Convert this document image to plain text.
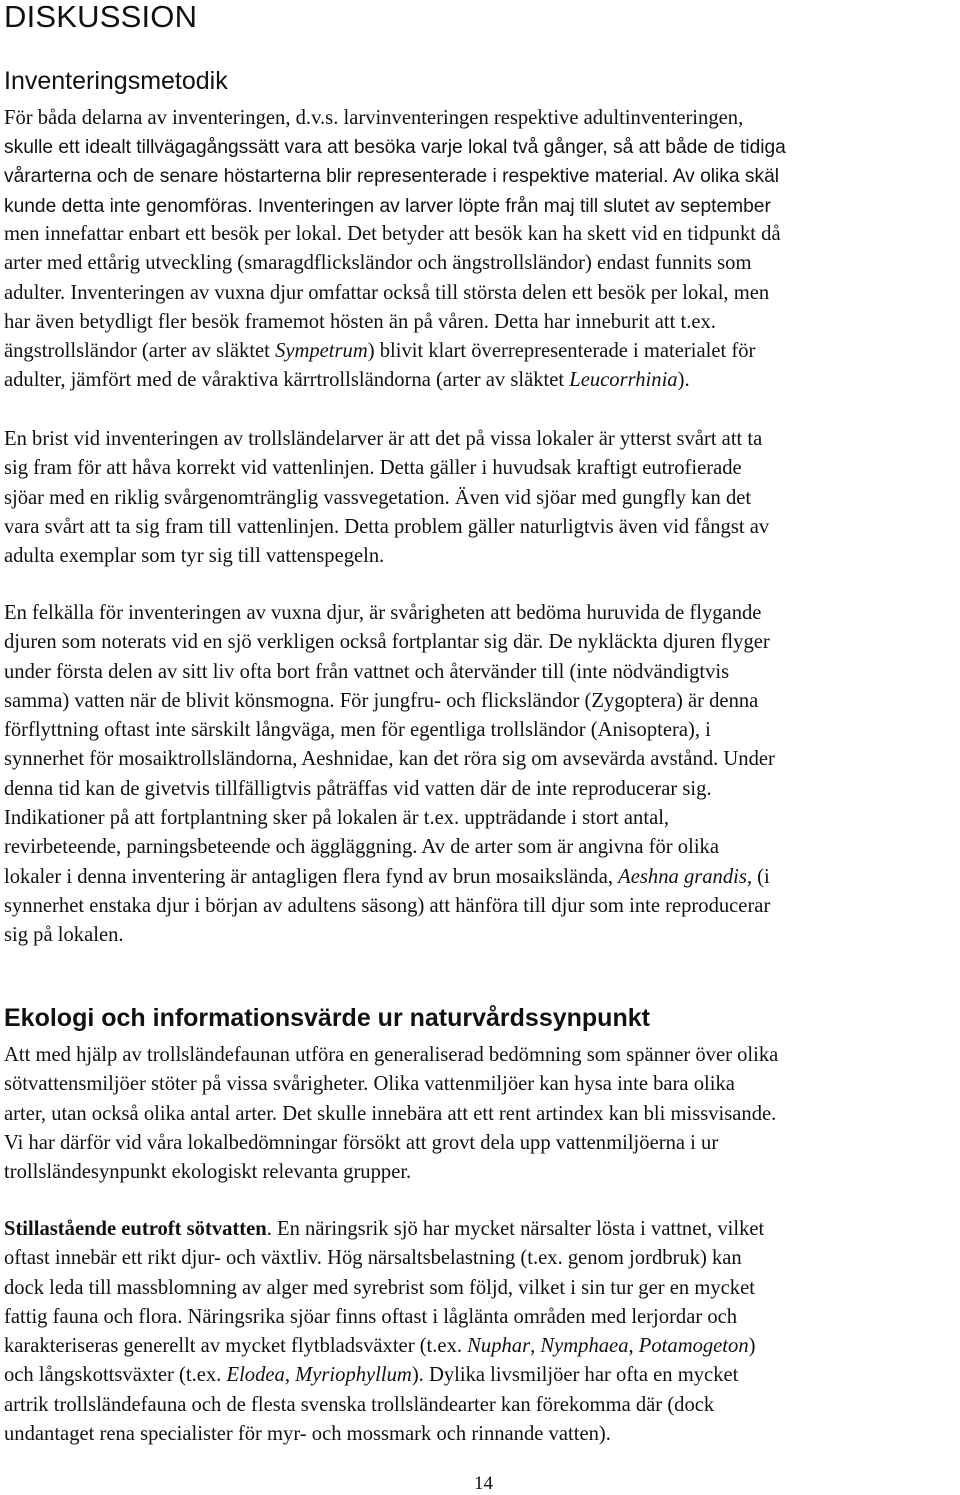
DISKUSSION
Inventeringsmetodik

För båda delarna av inventeringen, d.v.s. larvinventeringen respektive adultinventeringen,

skulle ett idealt tillvägagångssätt vara att besöka varje lokal två gånger, så att både de tidiga
vårarterna och de senare höstarterna blir representerade i respektive material. Av olika skäl
kunde detta inte genomföras. Inventeringen av larver löpte från maj till slutet av september

men innefattar enbart ett besök per lokal. Det betyder att besök kan ha skett vid en tidpunkt då
arter med ettårig utveckling (smaragdflicksländor och ängstrollsländor) endast funnits som
adulter. Inventeringen av vuxna djur omfattar också till största delen ett besök per lokal, men
har även betydligt fler besök framemot hösten än på våren. Detta har inneburit att t.ex.
ängstrollsländor (arter av släktet Sympetrum) blivit klart överrepresenterade i materialet för
adulter, jämfört med de våraktiva kärrtrollsländorna (arter av släktet Leucorrhinia).

En brist vid inventeringen av trollsländelarver är att det på vissa lokaler är ytterst svårt att ta
sig fram för att håva korrekt vid vattenlinjen. Detta gäller i huvudsak kraftigt eutrofierade
sjöar med en riklig svårgenomtränglig vassvegetation. Även vid sjöar med gungfly kan det
vara svårt att ta sig fram till vattenlinjen. Detta problem gäller naturligtvis även vid fångst av
adulta exemplar som tyr sig till vattenspegeln.

En felkälla för inventeringen av vuxna djur, är svårigheten att bedöma huruvida de flygande
djuren som noterats vid en sjö verkligen också fortplantar sig där. De nykläckta djuren flyger
under första delen av sitt liv ofta bort från vattnet och återvänder till (inte nödvändigtvis
samma) vatten när de blivit könsmogna. För jungfru- och flicksländor (Zygoptera) är denna
förflyttning oftast inte särskilt långväga, men för egentliga trollsländor (Anisoptera), i
synnerhet för mosaiktrollsländorna, Aeshnidae, kan det röra sig om avsevärda avstånd. Under
denna tid kan de givetvis tillfälligtvis påträffas vid vatten där de inte reproducerar sig.
Indikationer på att fortplantning sker på lokalen är t.ex. uppträdande i stort antal,
revirbeteende, parningsbeteende och äggläggning. Av de arter som är angivna för olika
lokaler i denna inventering är antagligen flera fynd av brun mosaikslända, Aeshna grandis, (i
synnerhet enstaka djur i början av adultens säsong) att hänföra till djur som inte reproducerar
sig på lokalen.

Ekologi och informationsvärde ur naturvårdssynpunkt

Att med hjälp av trollsländefaunan utföra en generaliserad bedömning som spänner över olika
sötvattensmiljöer stöter på vissa svårigheter. Olika vattenmiljöer kan hysa inte bara olika
arter, utan också olika antal arter. Det skulle innebära att ett rent artindex kan bli missvisande.
Vi har därför vid våra lokalbedömningar försökt att grovt dela upp vattenmiljöerna i ur
trollsländesynpunkt ekologiskt relevanta grupper.

Stillastående eutroft sötvatten. En näringsrik sjö har mycket närsalter lösta i vattnet, vilket
oftast innebär ett rikt djur- och växtliv. Hög närsaltsbelastning (t.ex. genom jordbruk) kan
dock leda till massblomning av alger med syrebrist som följd, vilket i sin tur ger en mycket
fattig fauna och flora. Näringsrika sjöar finns oftast i låglänta områden med lerjordar och
karakteriseras generellt av mycket flytbladsväxter (t.ex. Nuphar, Nymphaea, Potamogeton)
och långskottsväxter (t.ex. Elodea, Myriophyllum). Dylika livsmiljöer har ofta en mycket
artrik trollsländefauna och de flesta svenska trollsländearter kan förekomma där (dock
undantaget rena specialister för myr- och mossmark och rinnande vatten).

14
